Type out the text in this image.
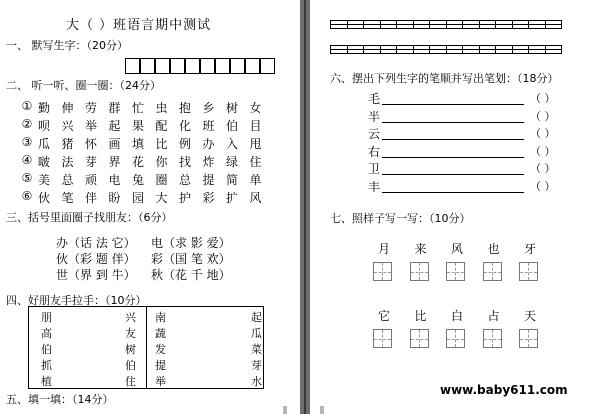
大（ ）班语言期中测试
一、 默写生字：（20分）
二、 听一听、圈一圈：（24分）
① 勤 伸 劳 群 忙 虫 抱 乡 树 女
② 呗 兴 举 起 果 配 化 班 伯 目
③ 瓜 猪 怀 画 填 比 例 办 入 甩
④ 啵 法 芽 界 花 你 找 炸 绿 住
⑤ 美 总 顽 电 兔 圈 总 提 简 单
⑥ 伙 笔 伴 盼 园 大 护 彩 扩 风
三、括号里面圈子找朋友：（6分）
办（话 法 它） 电（求 影 爱）
伙（彩 题 伴） 彩（国 笔 欢）
世（界 到 牛） 秋（花 千 地）
四、好朋友手拉手：（10分）
朋	兴 南	起
高	友 蔬	瓜
伯	树 发	菜
抓	伯 提	芽
植	住 举	水
五、填一填：（14分）
六、摆出下列生字的笔顺并写出笔划：（18分）
毛	（ ）
半	（ ）
云	（ ）
右	（ ）
卫	（ ）
丰	（ ）
七、照样子写一写：（10分）
月 来 风 也 牙
它 比 白 占 天
www.baby611.com
